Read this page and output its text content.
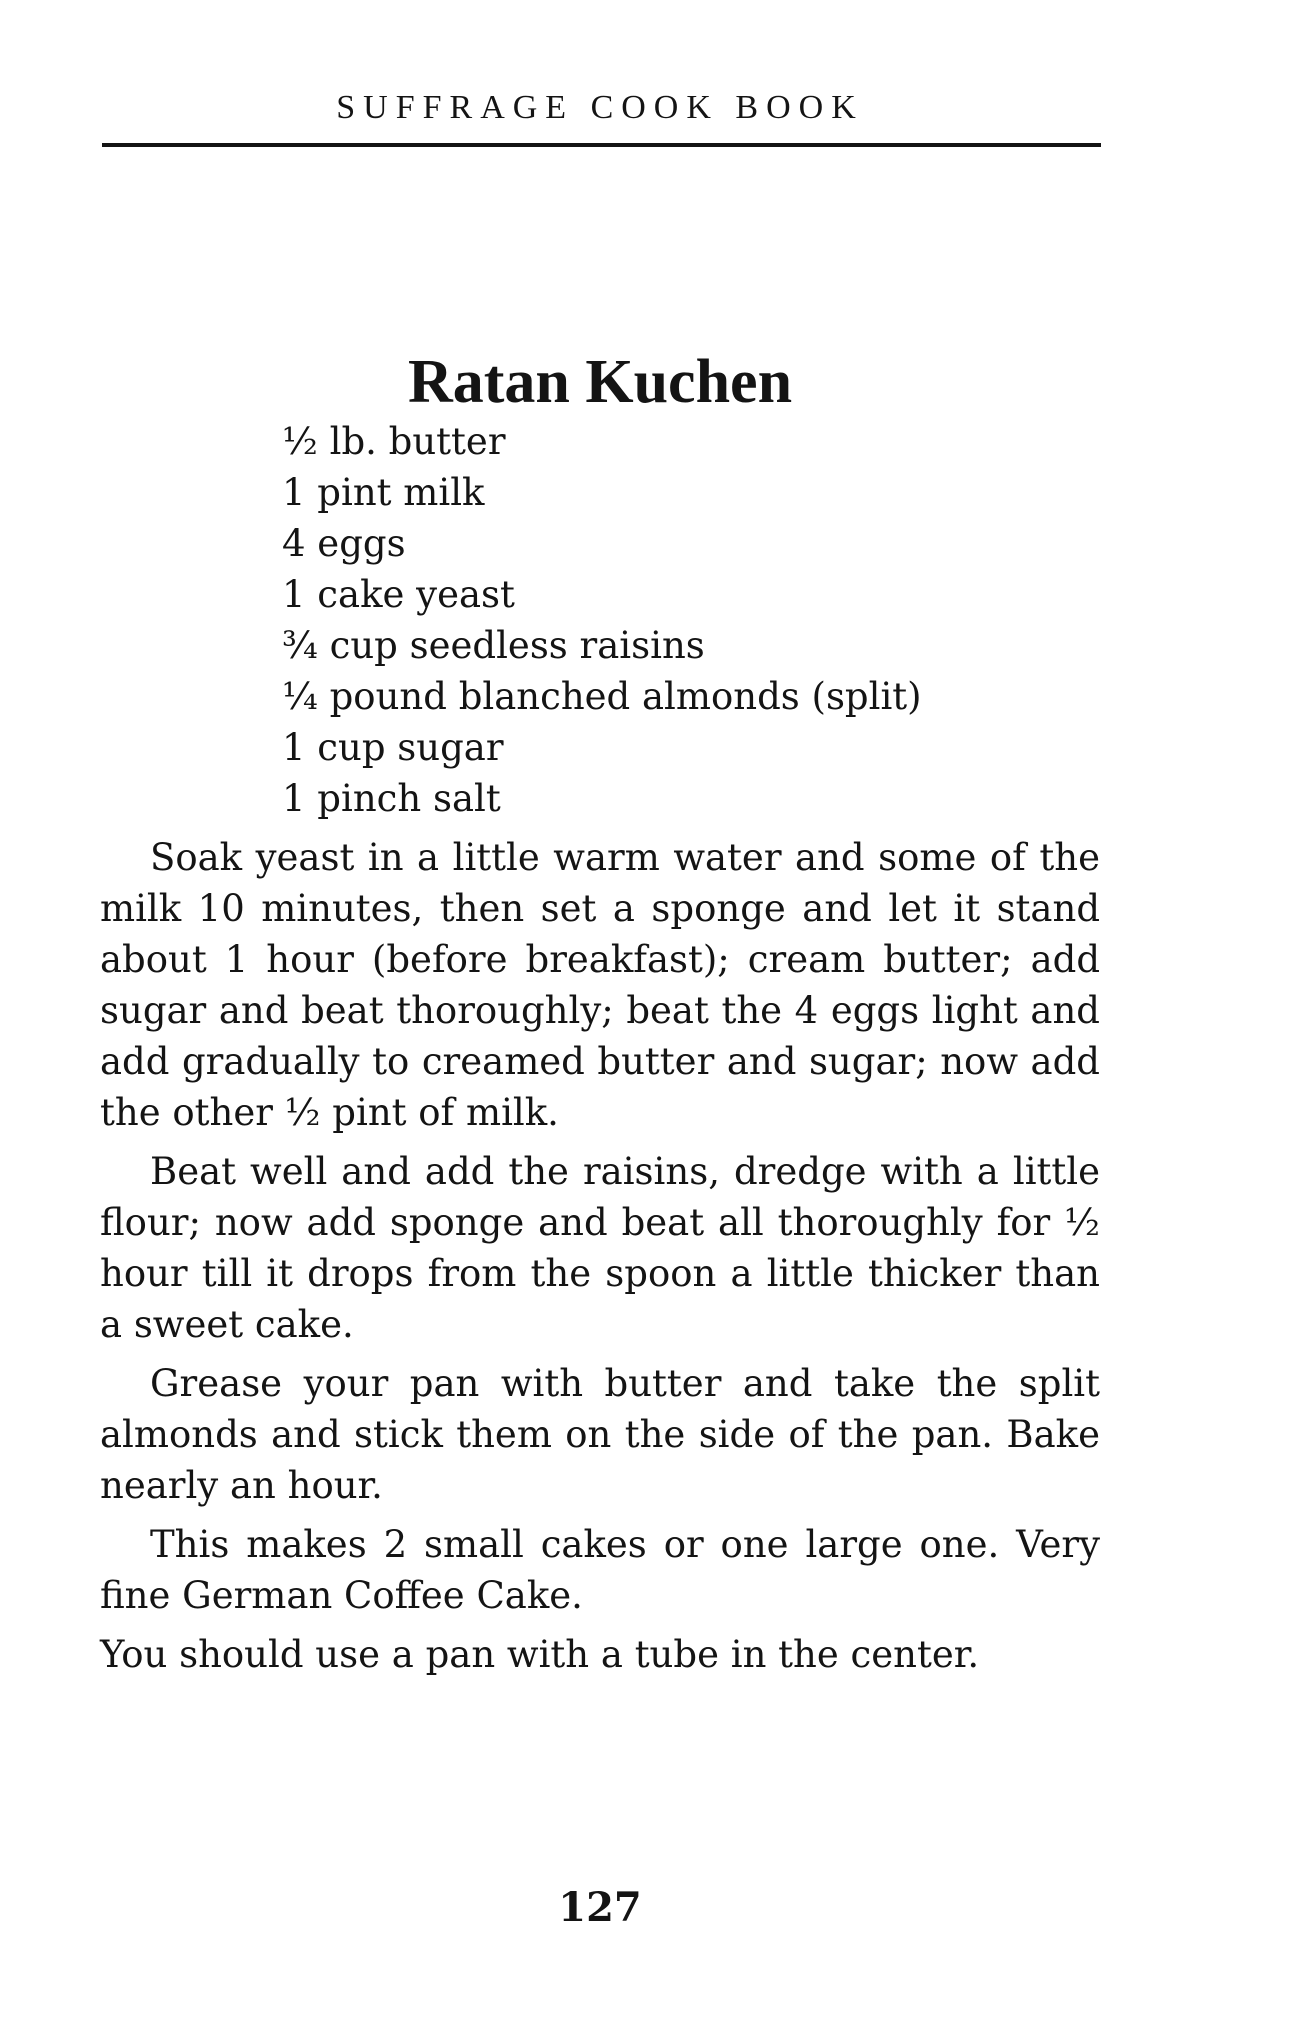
SUFFRAGE COOK BOOK
Ratan Kuchen
½ lb. butter
1 pint milk
4 eggs
1 cake yeast
¾ cup seedless raisins
¼ pound blanched almonds (split)
1 cup sugar
1 pinch salt

Soak yeast in a little warm water and some of the milk 10 minutes, then set a sponge and let it stand about 1 hour (before breakfast); cream butter; add sugar and beat thoroughly; beat the 4 eggs light and add gradually to creamed butter and sugar; now add the other ½ pint of milk.

Beat well and add the raisins, dredge with a little flour; now add sponge and beat all thoroughly for ½ hour till it drops from the spoon a little thicker than a sweet cake.

Grease your pan with butter and take the split almonds and stick them on the side of the pan. Bake nearly an hour.

This makes 2 small cakes or one large one. Very fine German Coffee Cake.

You should use a pan with a tube in the center.

127
